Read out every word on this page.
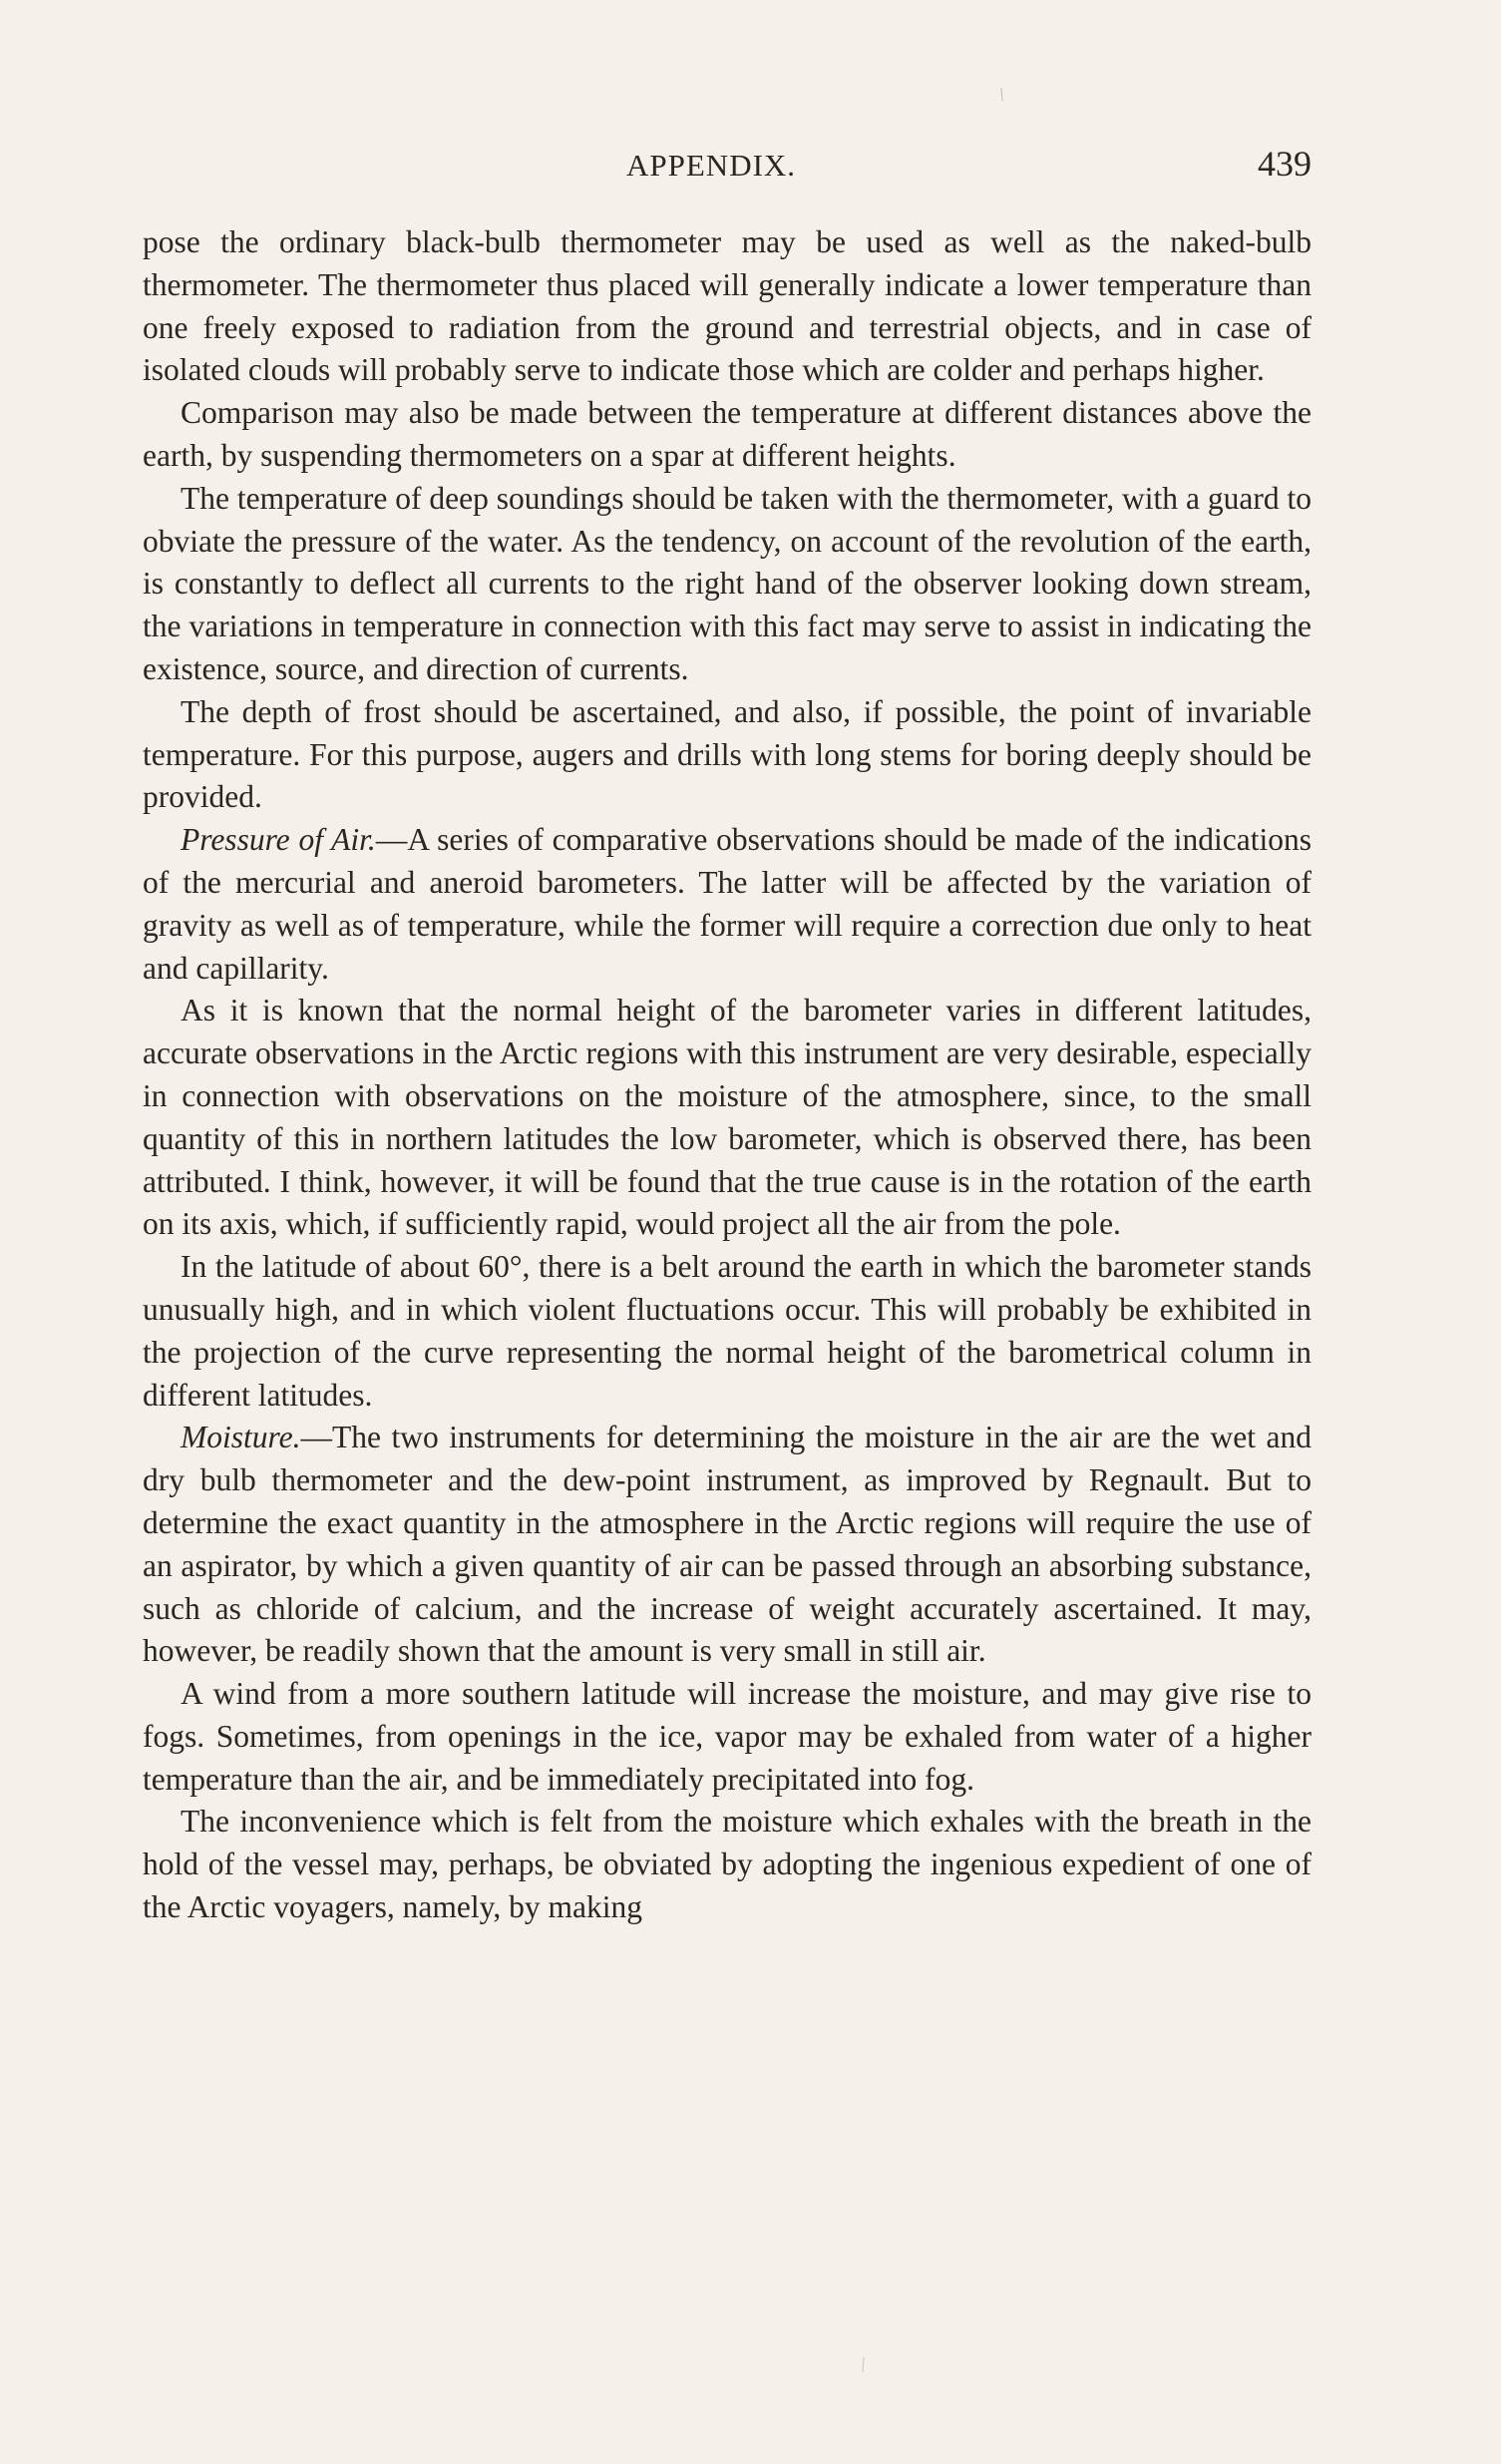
APPENDIX.	439

pose the ordinary black-bulb thermometer may be used as well as the naked-bulb thermometer. The thermometer thus placed will generally indicate a lower temperature than one freely exposed to radiation from the ground and terrestrial objects, and in case of isolated clouds will probably serve to indicate those which are colder and perhaps higher.

Comparison may also be made between the temperature at different distances above the earth, by suspending thermometers on a spar at different heights.

The temperature of deep soundings should be taken with the thermometer, with a guard to obviate the pressure of the water. As the tendency, on account of the revolution of the earth, is constantly to deflect all currents to the right hand of the observer looking down stream, the variations in temperature in connection with this fact may serve to assist in indicating the existence, source, and direction of currents.

The depth of frost should be ascertained, and also, if possible, the point of invariable temperature. For this purpose, augers and drills with long stems for boring deeply should be provided.

Pressure of Air.—A series of comparative observations should be made of the indications of the mercurial and aneroid barometers. The latter will be affected by the variation of gravity as well as of temperature, while the former will require a correction due only to heat and capillarity.

As it is known that the normal height of the barometer varies in different latitudes, accurate observations in the Arctic regions with this instrument are very desirable, especially in connection with observations on the moisture of the atmosphere, since, to the small quantity of this in northern latitudes the low barometer, which is observed there, has been attributed. I think, however, it will be found that the true cause is in the rotation of the earth on its axis, which, if sufficiently rapid, would project all the air from the pole.

In the latitude of about 60°, there is a belt around the earth in which the barometer stands unusually high, and in which violent fluctuations occur. This will probably be exhibited in the projection of the curve representing the normal height of the barometrical column in different latitudes.

Moisture.—The two instruments for determining the moisture in the air are the wet and dry bulb thermometer and the dew-point instrument, as improved by Regnault. But to determine the exact quantity in the atmosphere in the Arctic regions will require the use of an aspirator, by which a given quantity of air can be passed through an absorbing substance, such as chloride of calcium, and the increase of weight accurately ascertained. It may, however, be readily shown that the amount is very small in still air.

A wind from a more southern latitude will increase the moisture, and may give rise to fogs. Sometimes, from openings in the ice, vapor may be exhaled from water of a higher temperature than the air, and be immediately precipitated into fog.

The inconvenience which is felt from the moisture which exhales with the breath in the hold of the vessel may, perhaps, be obviated by adopting the ingenious expedient of one of the Arctic voyagers, namely, by making
